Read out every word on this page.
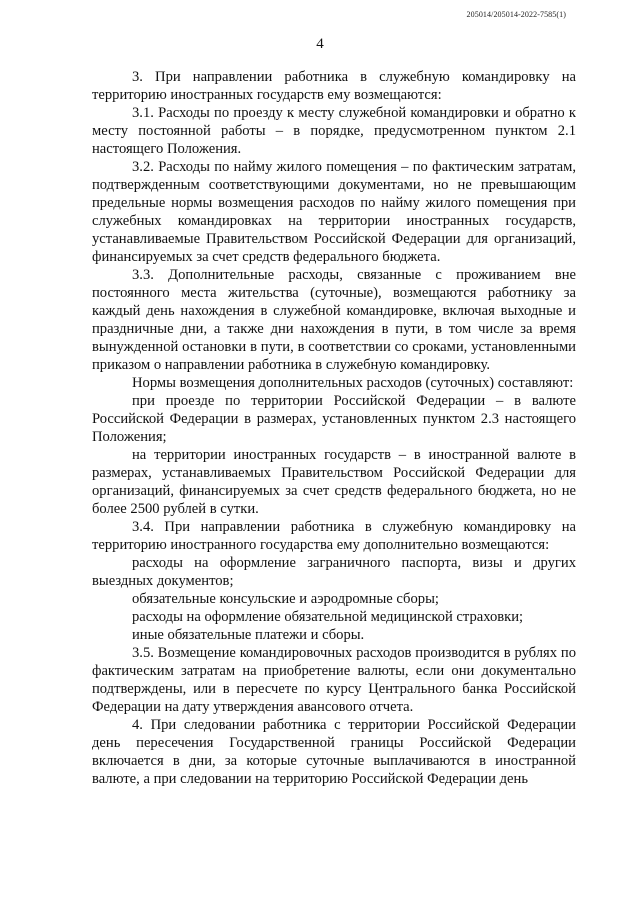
205014/205014-2022-7585(1)
4

3. При направлении работника в служебную командировку на территорию иностранных государств ему возмещаются:

3.1. Расходы по проезду к месту служебной командировки и обратно к месту постоянной работы – в порядке, предусмотренном пунктом 2.1 настоящего Положения.

3.2. Расходы по найму жилого помещения – по фактическим затратам, подтвержденным соответствующими документами, но не превышающим предельные нормы возмещения расходов по найму жилого помещения при служебных командировках на территории иностранных государств, устанавливаемые Правительством Российской Федерации для организаций, финансируемых за счет средств федерального бюджета.

3.3. Дополнительные расходы, связанные с проживанием вне постоянного места жительства (суточные), возмещаются работнику за каждый день нахождения в служебной командировке, включая выходные и праздничные дни, а также дни нахождения в пути, в том числе за время вынужденной остановки в пути, в соответствии со сроками, установленными приказом о направлении работника в служебную командировку.

Нормы возмещения дополнительных расходов (суточных) составляют:

при проезде по территории Российской Федерации – в валюте Российской Федерации в размерах, установленных пунктом 2.3 настоящего Положения;

на территории иностранных государств – в иностранной валюте в размерах, устанавливаемых Правительством Российской Федерации для организаций, финансируемых за счет средств федерального бюджета, но не более 2500 рублей в сутки.

3.4. При направлении работника в служебную командировку на территорию иностранного государства ему дополнительно возмещаются:

расходы на оформление заграничного паспорта, визы и других выездных документов;

обязательные консульские и аэродромные сборы;

расходы на оформление обязательной медицинской страховки;

иные обязательные платежи и сборы.

3.5. Возмещение командировочных расходов производится в рублях по фактическим затратам на приобретение валюты, если они документально подтверждены, или в пересчете по курсу Центрального банка Российской Федерации на дату утверждения авансового отчета.

4. При следовании работника с территории Российской Федерации день пересечения Государственной границы Российской Федерации включается в дни, за которые суточные выплачиваются в иностранной валюте, а при следовании на территорию Российской Федерации день
